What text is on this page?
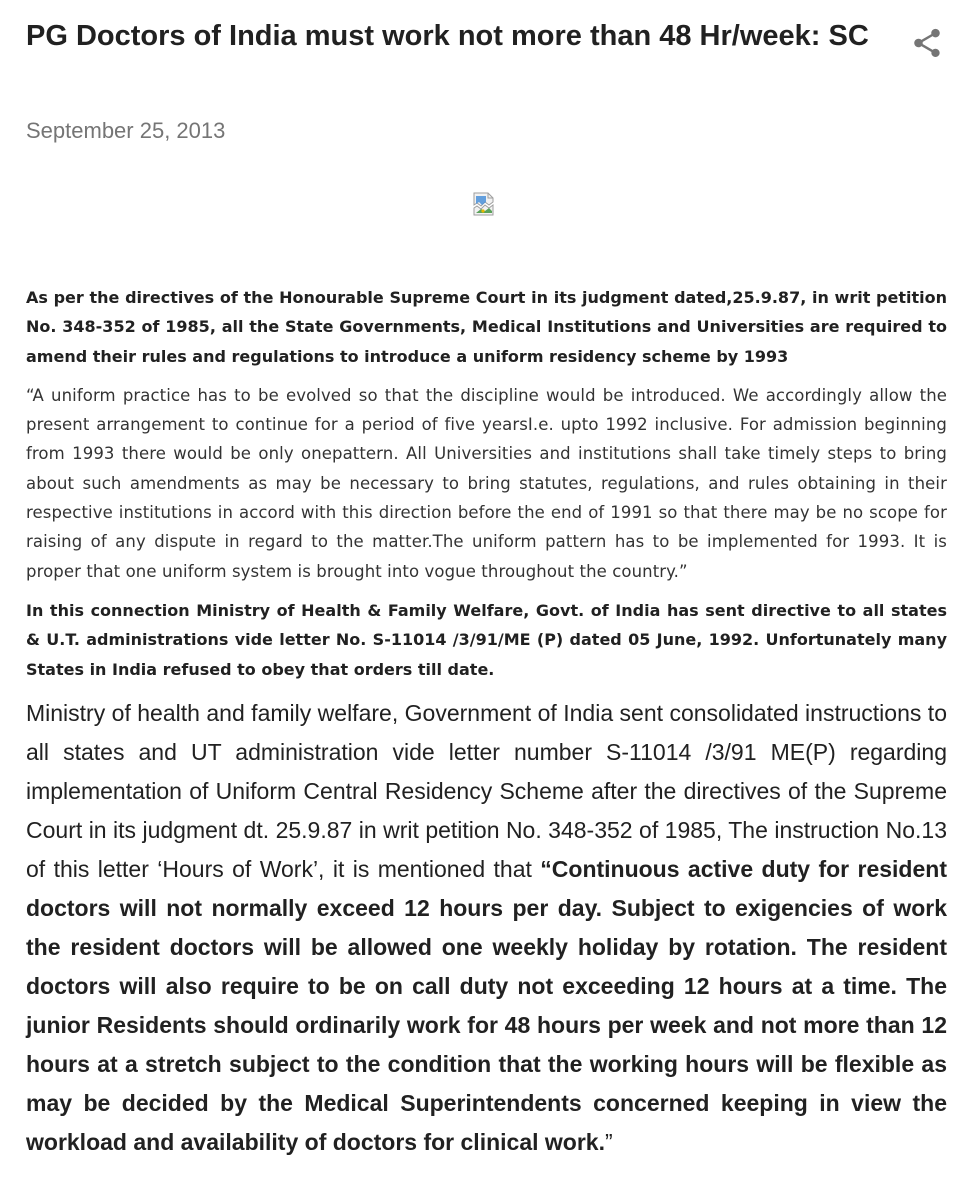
PG Doctors of India must work not more than 48 Hr/week: SC
September 25, 2013

As per the directives of the Honourable Supreme Court in its judgment dated,25.9.87, in writ petition No. 348-352 of 1985, all the State Governments, Medical Institutions and Universities are required to amend their rules and regulations to introduce a uniform residency scheme by 1993

“A uniform practice has to be evolved so that the discipline would be introduced. We accordingly allow the present arrangement to continue for a period of five yearsI.e. upto 1992 inclusive. For admission beginning from 1993 there would be only onepattern. All Universities and institutions shall take timely steps to bring about such amendments as may be necessary to bring statutes, regulations, and rules obtaining in their respective institutions in accord with this direction before the end of 1991 so that there may be no scope for raising of any dispute in regard to the matter.The uniform pattern has to be implemented for 1993. It is proper that one uniform system is brought into vogue throughout the country.”

In this connection Ministry of Health & Family Welfare, Govt. of India has sent directive to all states & U.T. administrations vide letter No. S-11014 /3/91/ME (P) dated 05 June, 1992. Unfortunately many States in India refused to obey that orders till date.

Ministry of health and family welfare, Government of India sent consolidated instructions to all states and UT administration vide letter number S-11014 /3/91 ME(P) regarding implementation of Uniform Central Residency Scheme after the directives of the Supreme Court in its judgment dt. 25.9.87 in writ petition No. 348-352 of 1985, The instruction No.13 of this letter ‘Hours of Work’, it is mentioned that “Continuous active duty for resident doctors will not normally exceed 12 hours per day. Subject to exigencies of work the resident doctors will be allowed one weekly holiday by rotation. The resident doctors will also require to be on call duty not exceeding 12 hours at a time. The junior Residents should ordinarily work for 48 hours per week and not more than 12 hours at a stretch subject to the condition that the working hours will be flexible as may be decided by the Medical Superintendents concerned keeping in view the workload and availability of doctors for clinical work.”
